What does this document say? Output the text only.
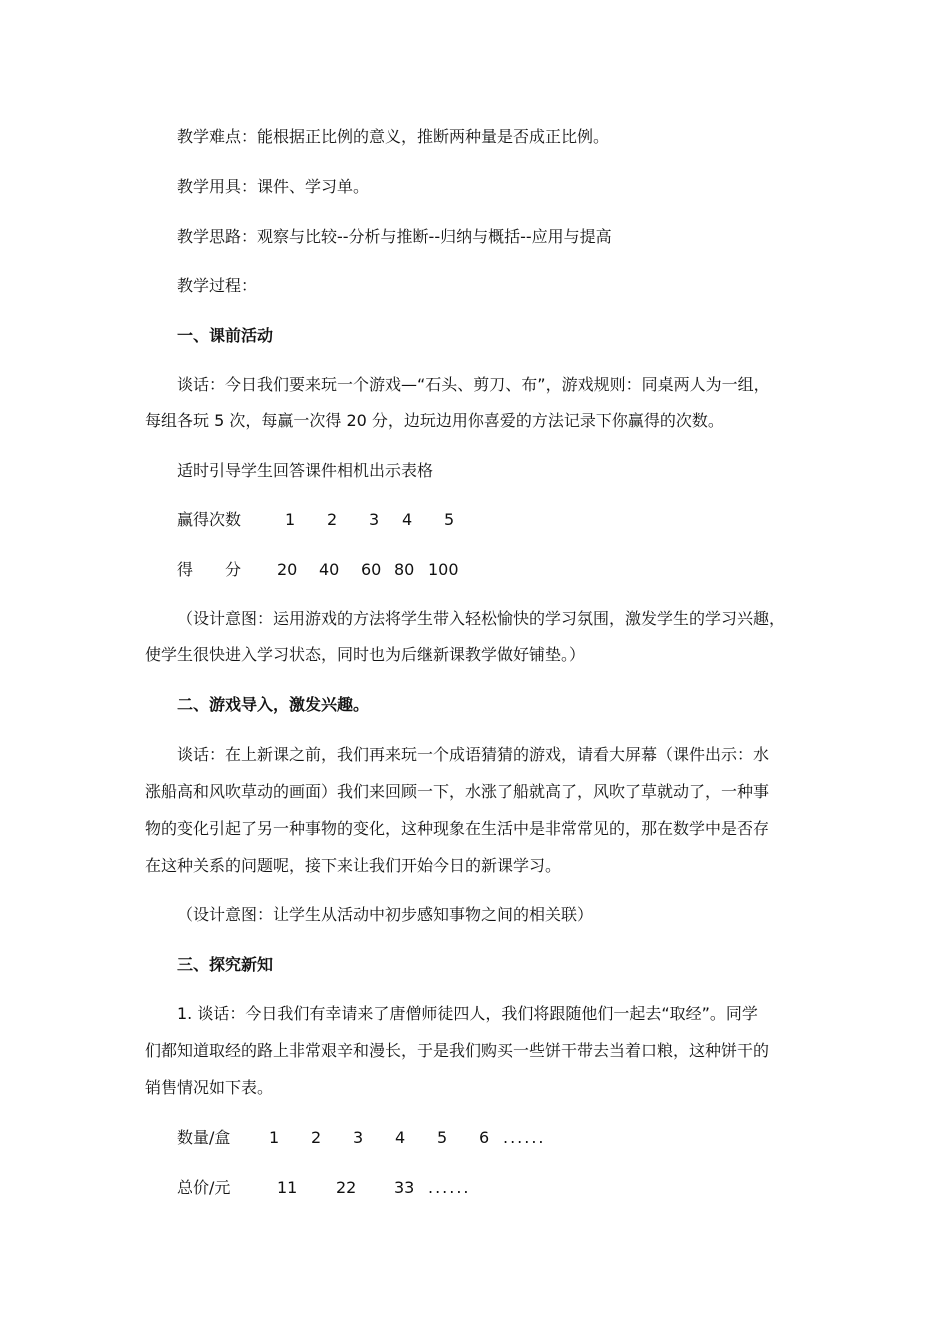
教学难点：能根据正比例的意义，推断两种量是否成正比例。
教学用具：课件、学习单。
教学思路：观察与比较--分析与推断--归纳与概括--应用与提高
教学过程：
一、课前活动
谈话：今日我们要来玩一个游戏—“石头、剪刀、布”，游戏规则：同桌两人为一组，
每组各玩 5 次，每赢一次得 20 分，边玩边用你喜爱的方法记录下你赢得的次数。
适时引导学生回答课件相机出示表格
赢得次数	1 2 3 4 5
得　　分 20 40 60 80 100
（设计意图：运用游戏的方法将学生带入轻松愉快的学习氛围，激发学生的学习兴趣，
使学生很快进入学习状态，同时也为后继新课教学做好铺垫。）
二、游戏导入，激发兴趣。
谈话：在上新课之前，我们再来玩一个成语猜猜的游戏，请看大屏幕（课件出示：水
涨船高和风吹草动的画面）我们来回顾一下，水涨了船就高了，风吹了草就动了，一种事
物的变化引起了另一种事物的变化，这种现象在生活中是非常常见的，那在数学中是否存
在这种关系的问题呢，接下来让我们开始今日的新课学习。
（设计意图：让学生从活动中初步感知事物之间的相关联）
三、探究新知
1. 谈话：今日我们有幸请来了唐僧师徒四人，我们将跟随他们一起去“取经”。同学
们都知道取经的路上非常艰辛和漫长，于是我们购买一些饼干带去当着口粮，这种饼干的
销售情况如下表。
数量/盒 1 2 3 4 5 6 ......
总价/元	11 22 33 ......
